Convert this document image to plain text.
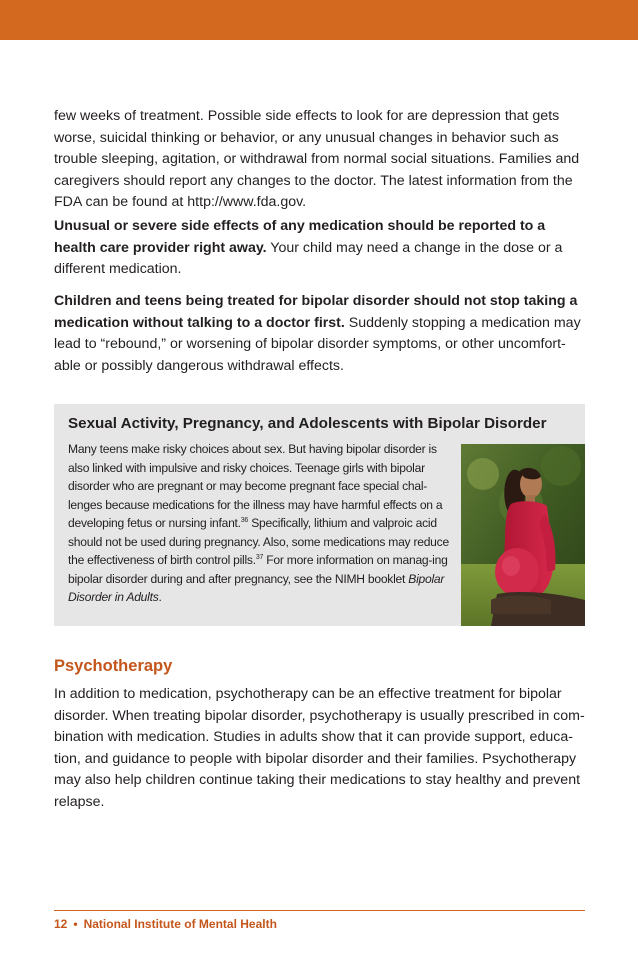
few weeks of treatment. Possible side effects to look for are depression that gets worse, suicidal thinking or behavior, or any unusual changes in behavior such as trouble sleeping, agitation, or withdrawal from normal social situations. Families and caregivers should report any changes to the doctor. The latest information from the FDA can be found at http://www.fda.gov.

Unusual or severe side effects of any medication should be reported to a health care provider right away. Your child may need a change in the dose or a different medication.

Children and teens being treated for bipolar disorder should not stop taking a medication without talking to a doctor first. Suddenly stopping a medication may lead to “rebound,” or worsening of bipolar disorder symptoms, or other uncomfort-able or possibly dangerous withdrawal effects.

Sexual Activity, Pregnancy, and Adolescents with Bipolar Disorder
Many teens make risky choices about sex. But having bipolar disorder is also linked with impulsive and risky choices. Teenage girls with bipolar disorder who are pregnant or may become pregnant face special chal-lenges because medications for the illness may have harmful effects on a developing fetus or nursing infant.$^{36}$ Specifically, lithium and valproic acid should not be used during pregnancy. Also, some medications may reduce the effectiveness of birth control pills.$^{37}$ For more information on manag-ing bipolar disorder during and after pregnancy, see the NIMH booklet Bipolar Disorder in Adults.
Psychotherapy

In addition to medication, psychotherapy can be an effective treatment for bipolar disorder. When treating bipolar disorder, psychotherapy is usually prescribed in com-bination with medication. Studies in adults show that it can provide support, educa-tion, and guidance to people with bipolar disorder and their families. Psychotherapy may also help children continue taking their medications to stay healthy and prevent relapse.

12 • National Institute of Mental Health
